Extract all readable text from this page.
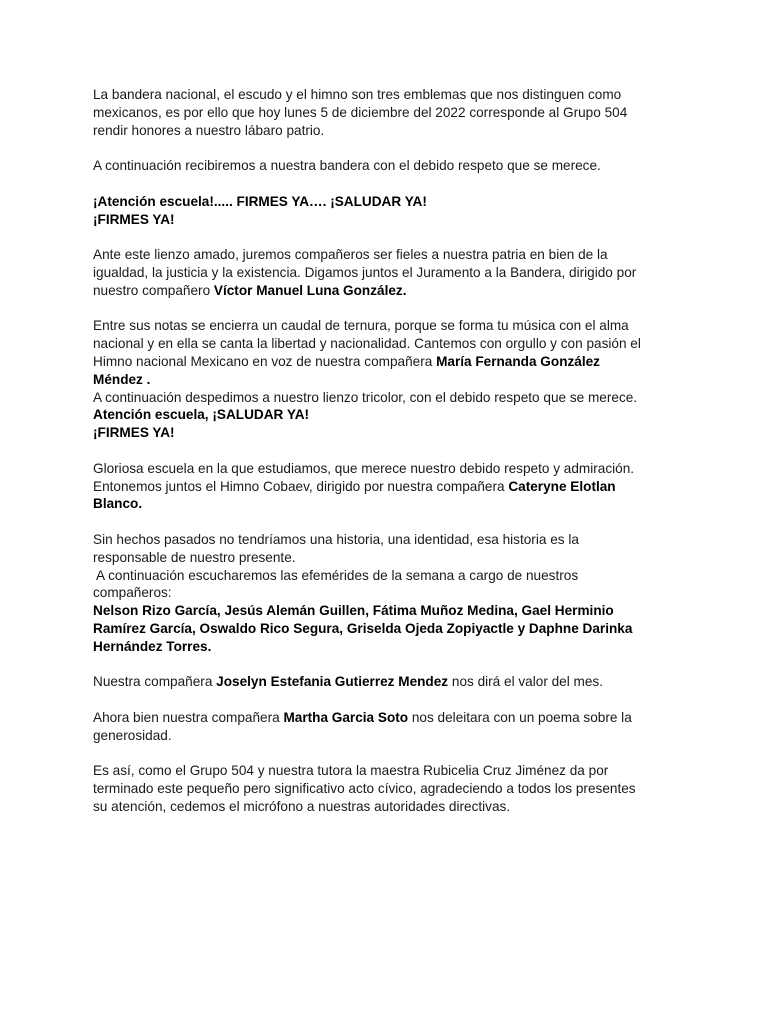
La bandera nacional, el escudo y el himno son tres emblemas que nos distinguen como
mexicanos, es por ello que hoy lunes 5 de diciembre del 2022 corresponde al Grupo 504
rendir honores a nuestro lábaro patrio.

A continuación recibiremos a nuestra bandera con el debido respeto que se merece.

¡Atención escuela!..... FIRMES YA…. ¡SALUDAR YA!
¡FIRMES YA!

Ante este lienzo amado, juremos compañeros ser fieles a nuestra patria en bien de la
igualdad, la justicia y la existencia. Digamos juntos el Juramento a la Bandera, dirigido por
nuestro compañero Víctor Manuel Luna González.

Entre sus notas se encierra un caudal de ternura, porque se forma tu música con el alma
nacional y en ella se canta la libertad y nacionalidad. Cantemos con orgullo y con pasión el
Himno nacional Mexicano en voz de nuestra compañera María Fernanda González
Méndez .
A continuación despedimos a nuestro lienzo tricolor, con el debido respeto que se merece.
Atención escuela, ¡SALUDAR YA!
¡FIRMES YA!

Gloriosa escuela en la que estudiamos, que merece nuestro debido respeto y admiración.
Entonemos juntos el Himno Cobaev, dirigido por nuestra compañera Cateryne Elotlan
Blanco.

Sin hechos pasados no tendríamos una historia, una identidad, esa historia es la
responsable de nuestro presente.
A continuación escucharemos las efemérides de la semana a cargo de nuestros
compañeros:
Nelson Rizo García, Jesús Alemán Guillen, Fátima Muñoz Medina, Gael Herminio
Ramírez García, Oswaldo Rico Segura, Griselda Ojeda Zopiyactle y Daphne Darinka
Hernández Torres.

Nuestra compañera Joselyn Estefania Gutierrez Mendez nos dirá el valor del mes.

Ahora bien nuestra compañera Martha Garcia Soto nos deleitara con un poema sobre la
generosidad.

Es así, como el Grupo 504 y nuestra tutora la maestra Rubicelia Cruz Jiménez da por
terminado este pequeño pero significativo acto cívico, agradeciendo a todos los presentes
su atención, cedemos el micrófono a nuestras autoridades directivas.
